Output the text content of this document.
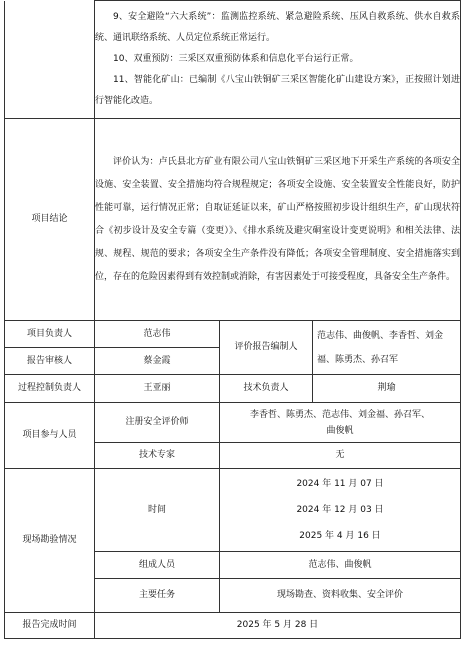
	9、安全避险“六大系统”：监测监控系统、紧急避险系统、压风自救系统、供水自救系统、通讯联络系统、人员定位系统正常运行。

10、双重预防：三采区双重预防体系和信息化平台运行正常。

11、智能化矿山：已编制《八宝山铁铜矿三采区智能化矿山建设方案》，正按照计划进行智能化改造。		

项目结论	评价认为：卢氏县北方矿业有限公司八宝山铁铜矿三采区地下开采生产系统的各项安全设施、安全装置、安全措施均符合规程规定；各项安全设施、安全装置安全性能良好，防护性能可靠，运行情况正常；自取证延证以来，矿山严格按照初步设计组织生产，矿山现状符合《初步设计及安全专篇（变更）》、《排水系统及避灾硐室设计变更说明》和相关法律、法规、规程、规范的要求；各项安全生产条件没有降低；各项安全管理制度、安全措施落实到位，存在的危险因素得到有效控制或消除，有害因素处于可接受程度，具备安全生产条件。		

项目负责人	范志伟	评价报告编制人	范志伟、曲俊帆、李香哲、刘金福、陈勇杰、孙召军
报告审核人	蔡金霞		
过程控制负责人	王亚丽	技术负责人	荆瑜
项目参与人员	注册安全评价师	李香哲、陈勇杰、范志伟、刘金福、孙召军、曲俊帆	
	技术专家	无	
现场勘验情况	时间	2024 年 11 月 07 日
2024 年 12 月 03 日
2025 年 4 月 16 日	

	组成人员	范志伟、曲俊帆	
	主要任务	现场勘查、资料收集、安全评价	
报告完成时间	2025 年 5 月 28 日		
